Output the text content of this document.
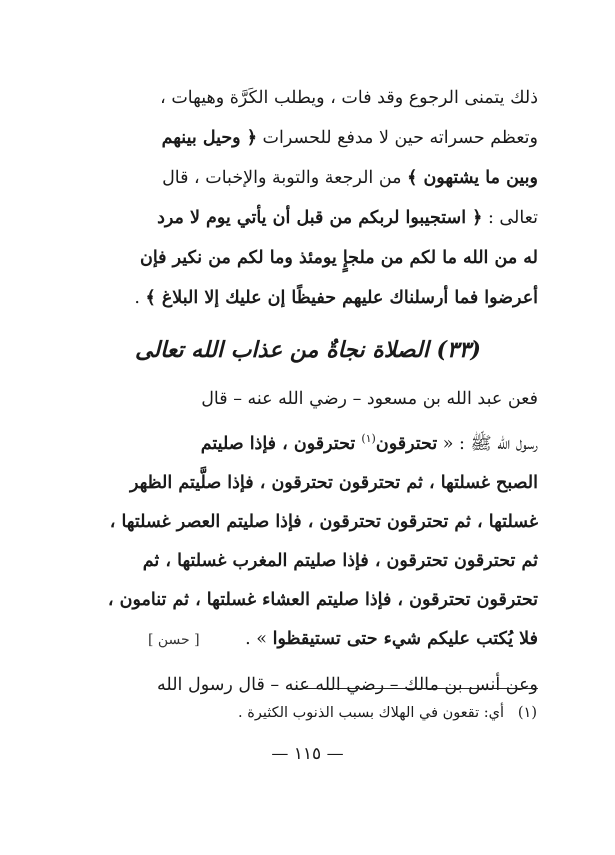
ذلك يتمنى الرجوع وقد فات ، ويطلب الكَرَّة وهيهات ،
وتعظم حسراته حين لا مدفع للحسرات ﴿ وحيل بينهم
وبين ما يشتهون ﴾ من الرجعة والتوبة والإخبات ، قال
تعالى : ﴿ استجيبوا لربكم من قبل أن يأتي يوم لا مرد
له من الله ما لكم من ملجإٍ يومئذ وما لكم من نكير فإن
أعرضوا فما أرسلناك عليهم حفيظًا إن عليك إلا البلاغ ﴾ .

(٣٣) الصلاة نجاةٌ من عذاب الله تعالى

فعن عبد الله بن مسعود – رضي الله عنه – قال
رسول الله ﷺ : « تحترقون$^{(١)}$ تحترقون ، فإذا صليتم
الصبح غسلتها ، ثم تحترقون تحترقون ، فإذا صلَّيتم الظهر
غسلتها ، ثم تحترقون تحترقون ، فإذا صليتم العصر غسلتها ،
ثم تحترقون تحترقون ، فإذا صليتم المغرب غسلتها ، ثم
تحترقون تحترقون ، فإذا صليتم العشاء غسلتها ، ثم تنامون ،
فلا يُكتب عليكم شيء حتى تستيقظوا » . [ حسن ]

وعن أنس بن مالك – رضي الله عنه – قال رسول الله

(١)   أي: تقعون في الهلاك بسبب الذنوب الكثيرة .
— ١١٥ —
